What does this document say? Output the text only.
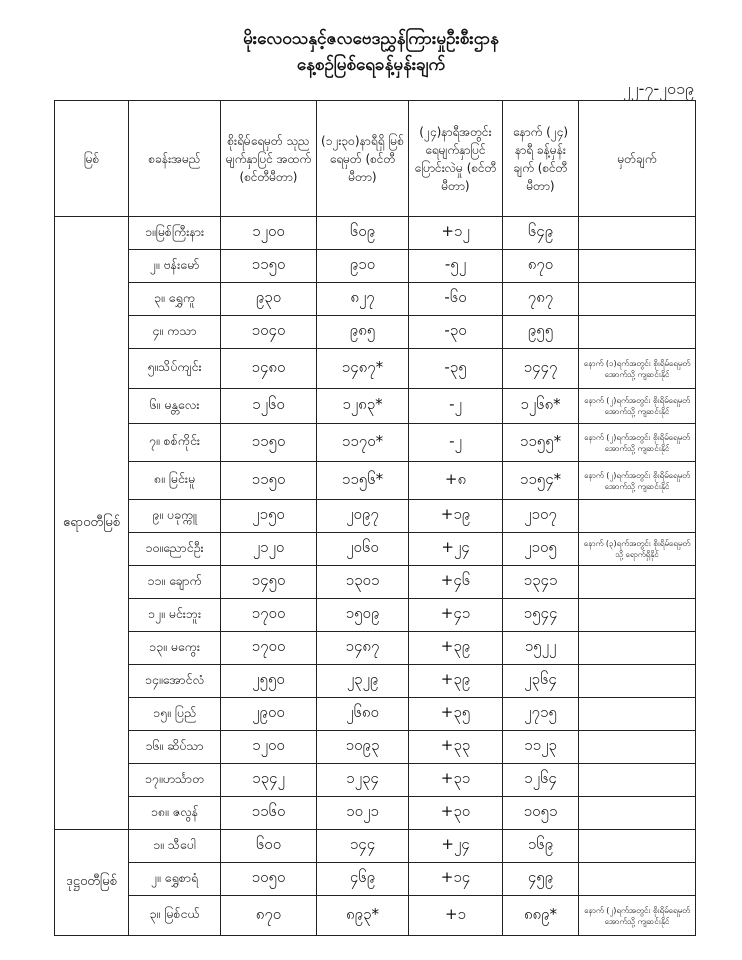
မိုးလေဝသနှင့်ဇလဗေဒညွှန်ကြားမှုဦးစီးဌာန
နေ့စဉ်မြစ်ရေခန့်မှန်းချက်
၂၂-၇-၂၀၁၉
မြစ်	စခန်းအမည်	စိုးရိမ်ရေမှတ် သုညမျက်နှာပြင် အထက် (စင်တီမီတာ)	(၁၂း၃၀)နာရီရှိ မြစ်ရေမှတ် (စင်တီမီတာ)	(၂၄)နာရီအတွင်း ရေမျက်နှာပြင် ပြောင်းလဲမှု (စင်တီမီတာ)	နောက် (၂၄) နာရီ ခန့်မှန်းချက် (စင်တီမီတာ)	မှတ်ချက်
ဧရာဝတီမြစ်	၁။မြစ်ကြီးနား	၁၂၀၀	၆၀၉	+၁၂	၆၄၉	
	၂။ ဗန်းမော်	၁၁၅၀	၉၁၀	-၅၂	၈၇၀	
	၃။ ရွှေကူ	၉၃၀	၈၂၇	-၆၀	၇၈၇	
	၄။ ကသာ	၁၀၄၀	၉၈၅	-၃၀	၉၅၅	
	၅။သိပ်ကျင်း	၁၄၈၀	၁၄၈၇*	-၃၅	၁၄၄၇	နောက် (၁)ရက်အတွင်း စိုးရိမ်ရေမှတ်အောက်သို့ ကျဆင်းနိုင်
	၆။ မန္တလေး	၁၂၆၀	၁၂၈၃*	-၂	၁၂၆၈*	နောက် (၂)ရက်အတွင်း စိုးရိမ်ရေမှတ်အောက်သို့ ကျဆင်းနိုင်
	၇။ စစ်ကိုင်း	၁၁၅၀	၁၁၇၀*	-၂	၁၁၅၅*	နောက် (၂)ရက်အတွင်း စိုးရိမ်ရေမှတ်အောက်သို့ ကျဆင်းနိုင်
	၈။ မြင်းမူ	၁၁၅၀	၁၁၅၆*	+၈	၁၁၅၄*	နောက် (၂)ရက်အတွင်း စိုးရိမ်ရေမှတ်အောက်သို့ ကျဆင်းနိုင်
	၉။ ပခုက္ကူ	၂၁၅၀	၂၀၉၇	+၁၉	၂၁၀၇	
	၁၀။ညောင်ဦး	၂၁၂၀	၂၀၆၀	+၂၄	၂၁၀၅	နောက် (၃)ရက်အတွင်း စိုးရိမ်ရေမှတ်သို့ ရောက်ရှိနိုင်
	၁၁။ ချောက်	၁၄၅၀	၁၃၀၁	+၄၆	၁၃၄၁	
	၁၂။ မင်းဘူး	၁၇၀၀	၁၅၀၉	+၄၁	၁၅၄၄	
	၁၃။ မကွေး	၁၇၀၀	၁၄၈၇	+၃၉	၁၅၂၂	
	၁၄။အောင်လံ	၂၅၅၀	၂၃၂၉	+၃၉	၂၃၆၄	
	၁၅။ ပြည်	၂၉၀၀	၂၆၈၀	+၃၅	၂၇၁၅	
	၁၆။ ဆိပ်သာ	၁၂၀၀	၁၀၉၃	+၃၃	၁၁၂၃	
	၁၇။ဟင်္သာတ	၁၃၄၂	၁၂၃၄	+၃၁	၁၂၆၄	
	၁၈။ ဇလွန်	၁၁၆၀	၁၀၂၁	+၃၀	၁၀၅၁	
ဒုဋ္ဌဝတီမြစ်	၁။ သီပေါ	၆၀၀	၁၄၄	+၂၄	၁၆၉	
	၂။ ရွှေစာရံ	၁၀၅၀	၄၆၉	+၁၄	၄၅၉	
	၃။ မြစ်ငယ်	၈၇၀	၈၉၃*	+၁	၈၈၉*	နောက် (၂)ရက်အတွင်း စိုးရိမ်ရေမှတ်အောက်သို့ ကျဆင်းနိုင်
